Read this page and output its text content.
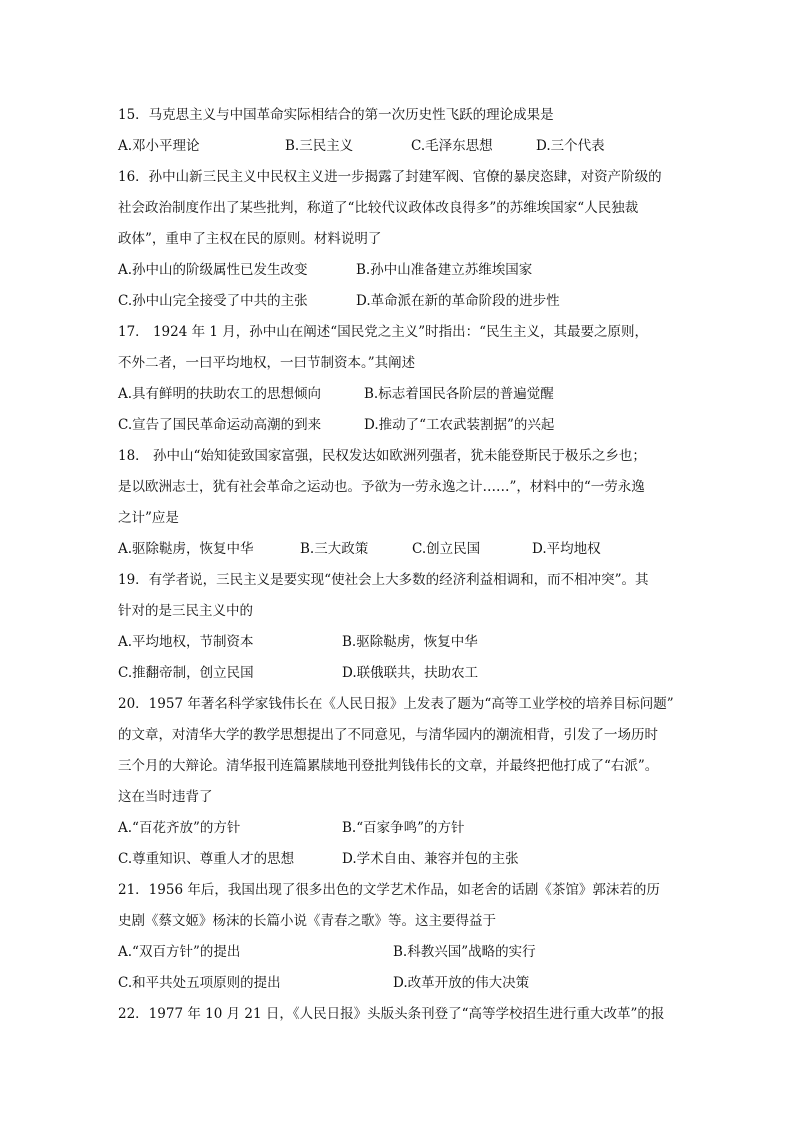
15．马克思主义与中国革命实际相结合的第一次历史性飞跃的理论成果是
A.邓小平理论	B.三民主义	C.毛泽东思想	D.三个代表
16．孙中山新三民主义中民权主义进一步揭露了封建军阀、官僚的暴戾恣肆，对资产阶级的
社会政治制度作出了某些批判，称道了“比较代议政体改良得多”的苏维埃国家“人民独裁
政体”，重申了主权在民的原则。材料说明了
A.孙中山的阶级属性已发生改变	B.孙中山准备建立苏维埃国家
C.孙中山完全接受了中共的主张	D.革命派在新的革命阶段的进步性
17． 1924 年 1 月，孙中山在阐述“国民党之主义”时指出：“民生主义，其最要之原则，
不外二者，一曰平均地权，一曰节制资本。”其阐述
A.具有鲜明的扶助农工的思想倾向	B.标志着国民各阶层的普遍觉醒
C.宣告了国民革命运动高潮的到来	D.推动了“工农武装割据”的兴起
18． 孙中山“始知徒致国家富强，民权发达如欧洲列强者，犹未能登斯民于极乐之乡也；
是以欧洲志士，犹有社会革命之运动也。予欲为一劳永逸之计……”，材料中的“一劳永逸
之计”应是
A.驱除鞑虏，恢复中华	B.三大政策	C.创立民国	D.平均地权
19．有学者说，三民主义是要实现“使社会上大多数的经济利益相调和，而不相冲突”。其
针对的是三民主义中的
A.平均地权，节制资本	B.驱除鞑虏，恢复中华
C.推翻帝制，创立民国	D.联俄联共，扶助农工
20．1957 年著名科学家钱伟长在《人民日报》上发表了题为“高等工业学校的培养目标问题”
的文章，对清华大学的教学思想提出了不同意见，与清华园内的潮流相背，引发了一场历时
三个月的大辩论。清华报刊连篇累牍地刊登批判钱伟长的文章，并最终把他打成了“右派”。
这在当时违背了
A.“百花齐放”的方针	B.“百家争鸣”的方针
C.尊重知识、尊重人才的思想	D.学术自由、兼容并包的主张
21．1956 年后，我国出现了很多出色的文学艺术作品，如老舍的话剧《茶馆》郭沫若的历
史剧《蔡文姬》杨沫的长篇小说《青春之歌》等。这主要得益于
A.“双百方针”的提出	B.科教兴国”战略的实行
C.和平共处五项原则的提出	D.改革开放的伟大决策
22．1977 年 10 月 21 日，《人民日报》头版头条刊登了“高等学校招生进行重大改革”的报
